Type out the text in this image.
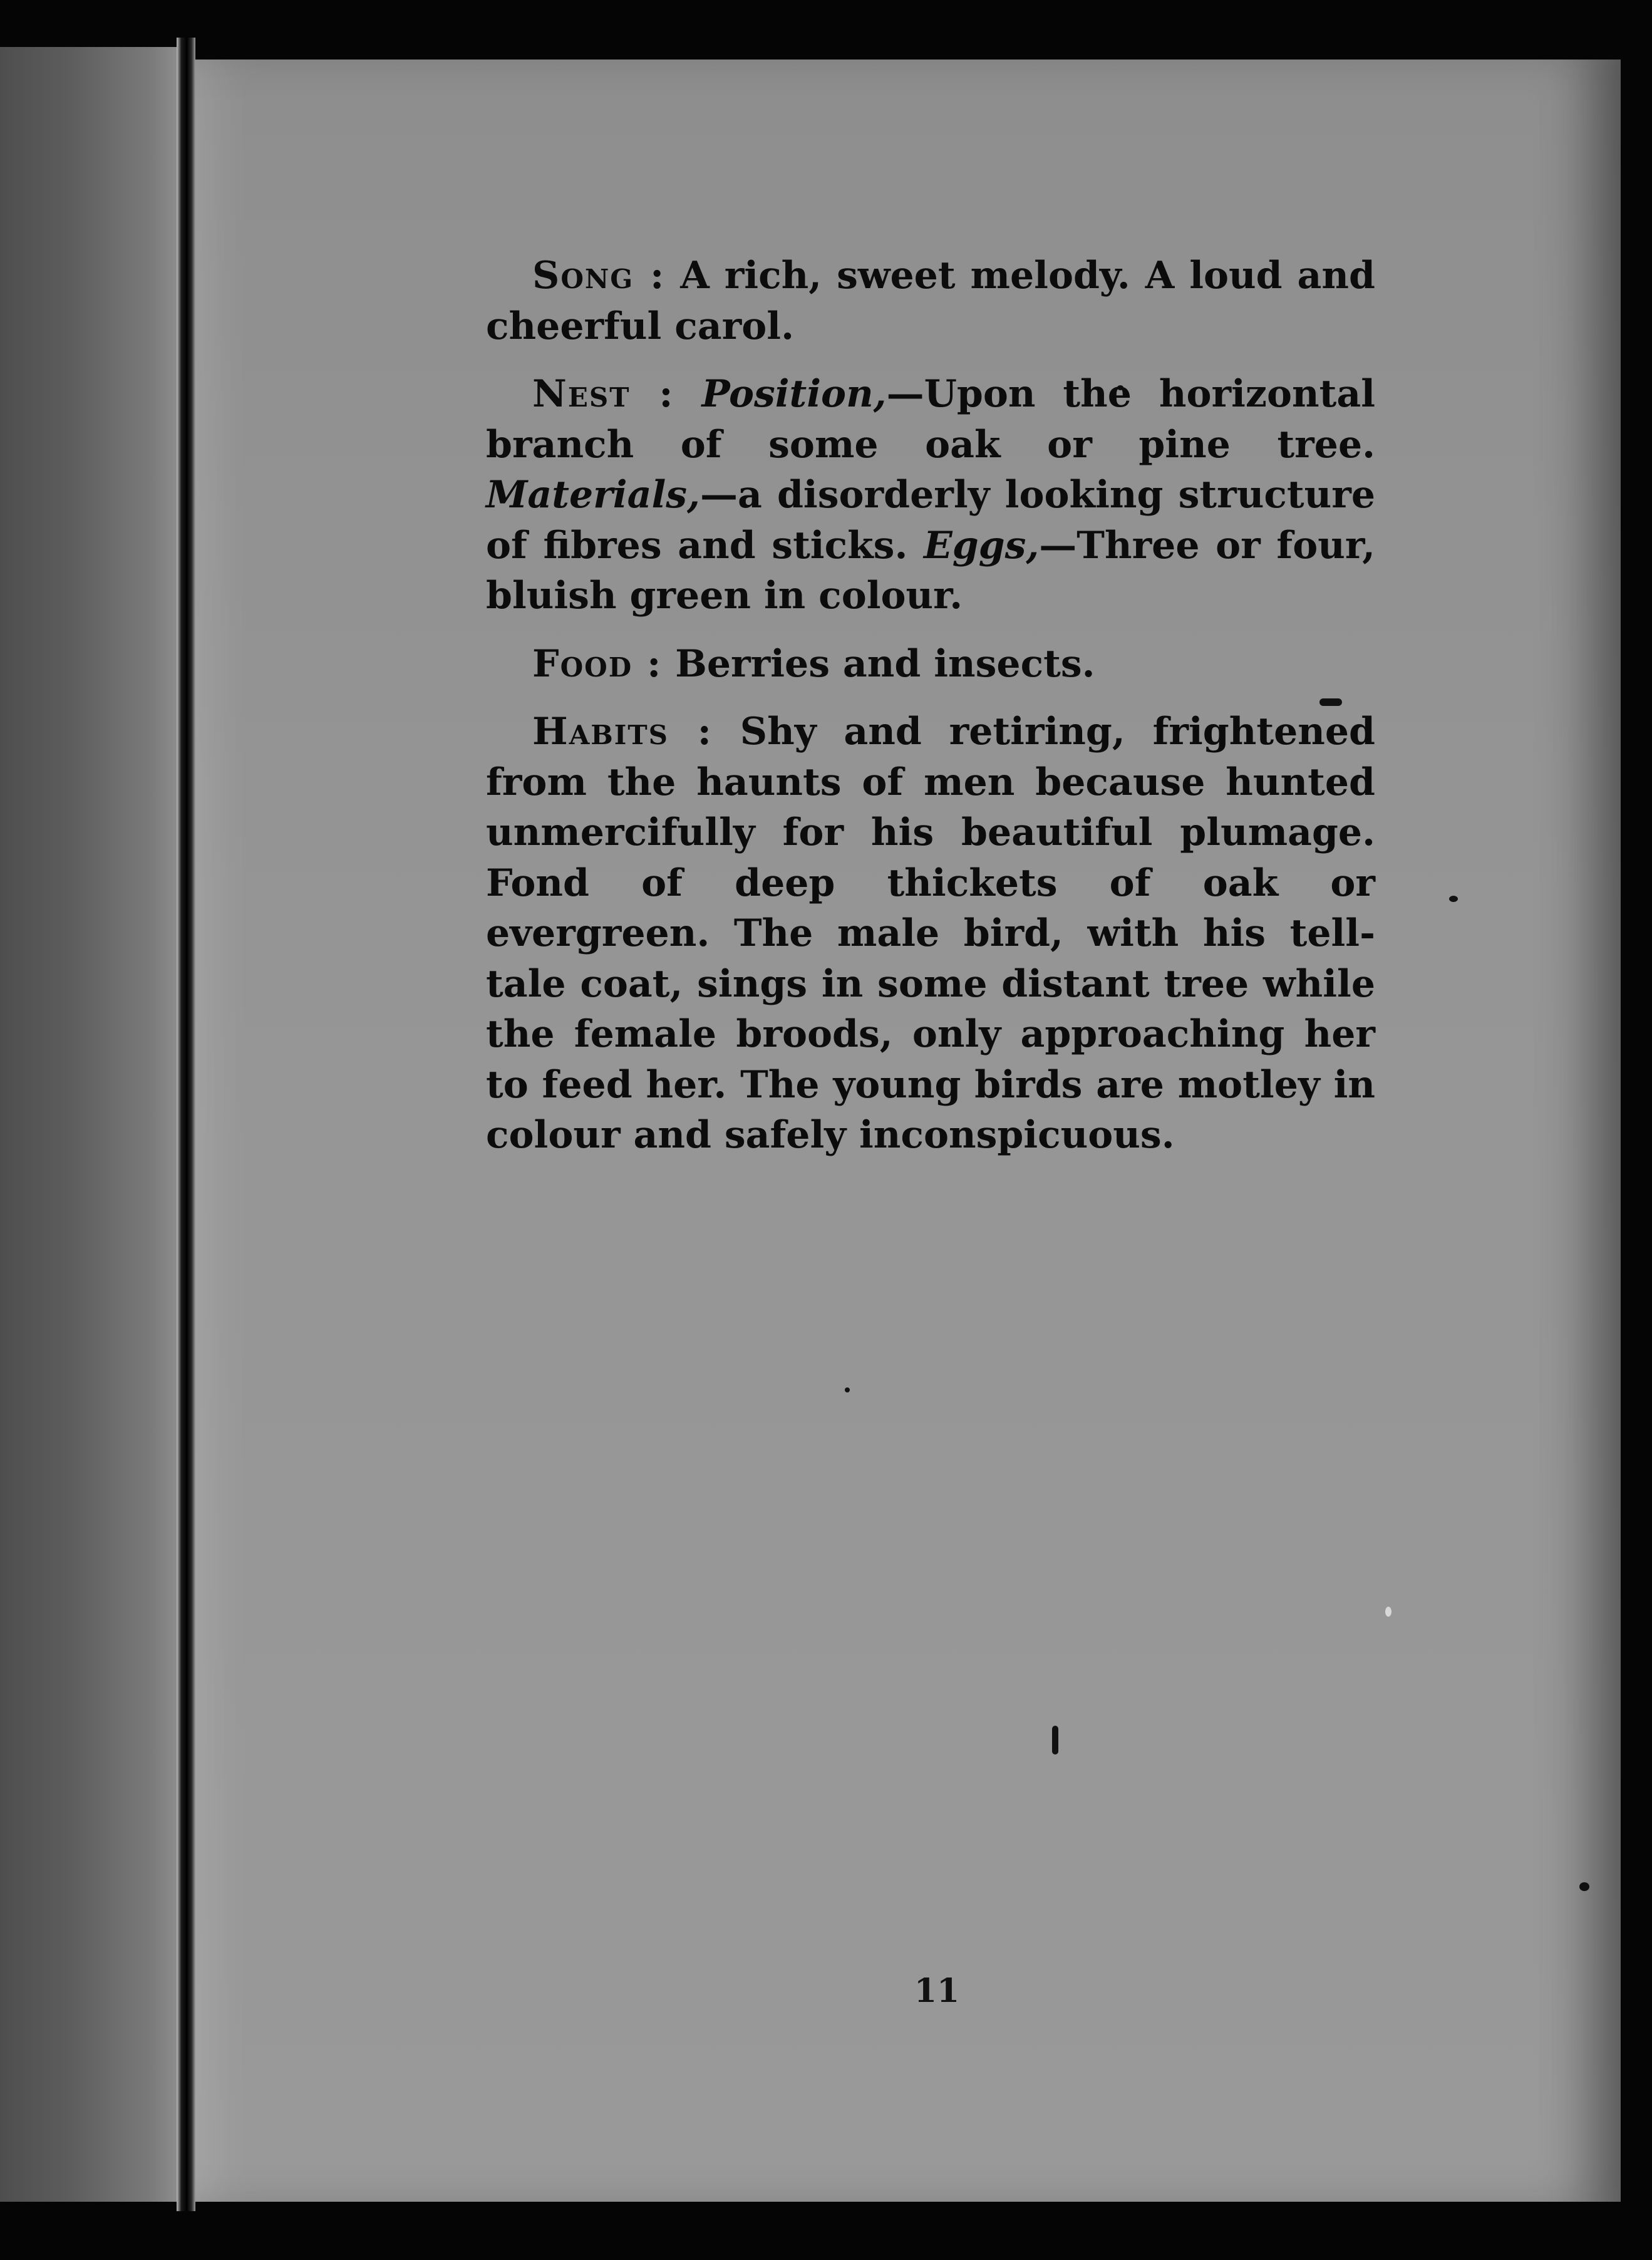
Song : A rich, sweet melody. A loud and cheerful carol.

Nest : Position,—Upon the horizontal branch of some oak or pine tree. Materials,—a disorderly looking structure of fibres and sticks. Eggs,—Three or four, bluish green in colour.

Food : Berries and insects.

Habits : Shy and retiring, frightened from the haunts of men because hunted unmercifully for his beautiful plumage. Fond of deep thickets of oak or evergreen. The male bird, with his tell-tale coat, sings in some distant tree while the female broods, only approaching her to feed her. The young birds are motley in colour and safely inconspicuous.

11
